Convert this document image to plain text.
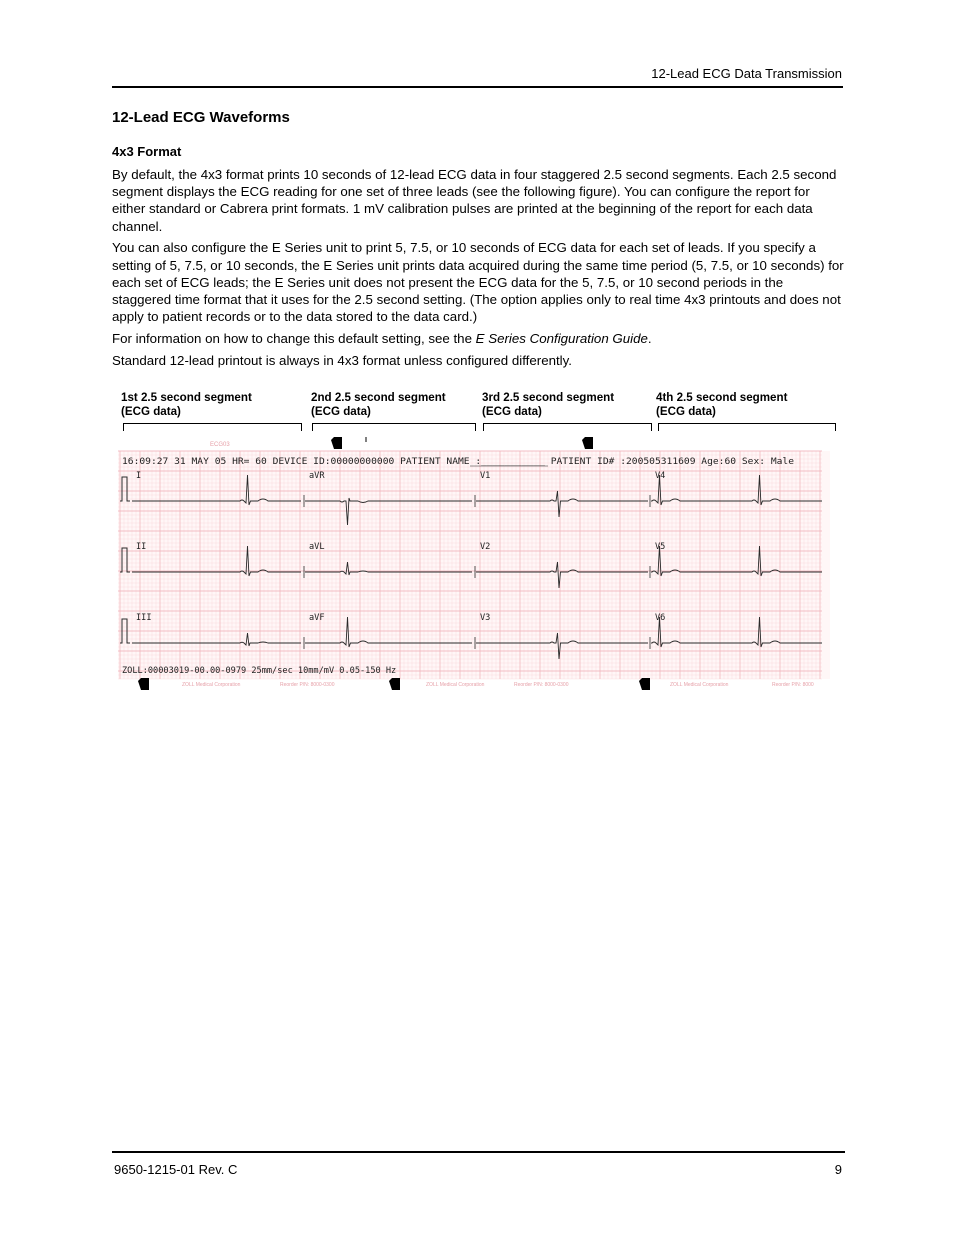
12-Lead ECG Data Transmission
12-Lead ECG Waveforms
4x3 Format

By default, the 4x3 format prints 10 seconds of 12-lead ECG data in four staggered 2.5 second segments. Each 2.5 second segment displays the ECG reading for one set of three leads (see the following figure). You can configure the report for either standard or Cabrera print formats. 1 mV calibration pulses are printed at the beginning of the report for each data channel.

You can also configure the E Series unit to print 5, 7.5, or 10 seconds of ECG data for each set of leads. If you specify a setting of 5, 7.5, or 10 seconds, the E Series unit prints data acquired during the same time period (5, 7.5, or 10 seconds) for each set of ECG leads; the E Series unit does not present the ECG data for the 5, 7.5, or 10 second periods in the staggered time format that it uses for the 2.5 second setting. (The option applies only to real time 4x3 printouts and does not apply to patient records or to the data stored to the data card.)

For information on how to change this default setting, see the E Series Configuration Guide.

Standard 12-lead printout is always in 4x3 format unless configured differently.

1st 2.5 second segment
(ECG data)
2nd 2.5 second segment
(ECG data)
3rd 2.5 second segment
(ECG data)
4th 2.5 second segment
(ECG data)
ECG03
16:09:27 31 MAY 05 HR= 60 DEVICE ID:00000000000 PATIENT NAME :___________ PATIENT ID# :200505311609 Age:60 Sex: Male
ZOLL:00003019-00.00-0979 25mm/sec 10mm/mV 0.05-150 Hz
ZOLL Medical Corporation	Reorder P/N: 8000-0300	ZOLL Medical Corporation	Reorder P/N: 8000-0300	ZOLL Medical Corporation	Reorder P/N: 8000
I	aVR	V1	V4
II	aVL	V2	V5
III	aVF	V3	V6
9650-1215-01 Rev. C	9
